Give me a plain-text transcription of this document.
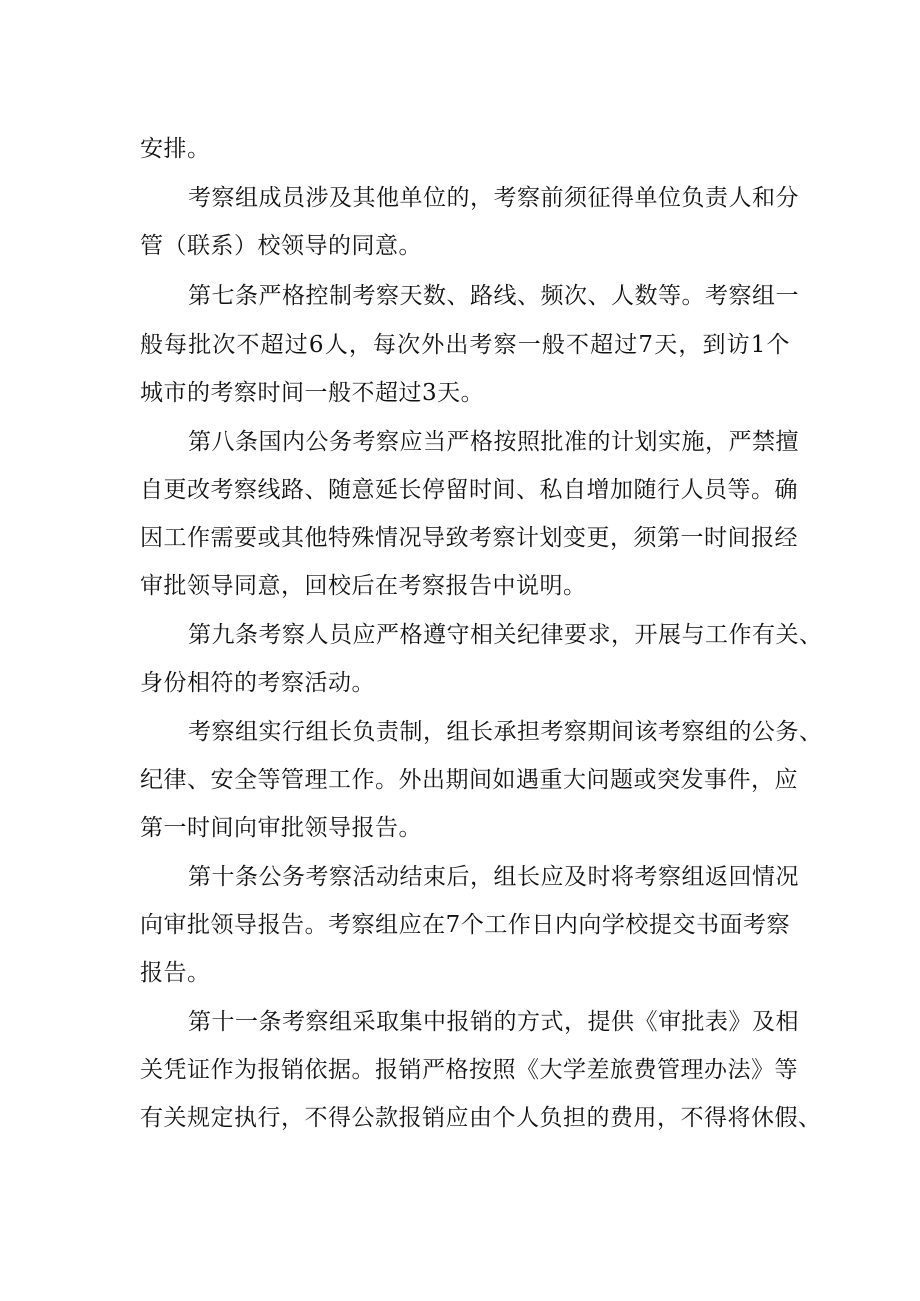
安排。
考察组成员涉及其他单位的，考察前须征得单位负责人和分
管（联系）校领导的同意。
第七条严格控制考察天数、路线、频次、人数等。考察组一
般每批次不超过6人，每次外出考察一般不超过7天，到访1个
城市的考察时间一般不超过3天。
第八条国内公务考察应当严格按照批准的计划实施，严禁擅
自更改考察线路、随意延长停留时间、私自增加随行人员等。确
因工作需要或其他特殊情况导致考察计划变更，须第一时间报经
审批领导同意，回校后在考察报告中说明。
第九条考察人员应严格遵守相关纪律要求，开展与工作有关、
身份相符的考察活动。
考察组实行组长负责制，组长承担考察期间该考察组的公务、
纪律、安全等管理工作。外出期间如遇重大问题或突发事件，应
第一时间向审批领导报告。
第十条公务考察活动结束后，组长应及时将考察组返回情况
向审批领导报告。考察组应在7个工作日内向学校提交书面考察
报告。
第十一条考察组采取集中报销的方式，提供《审批表》及相
关凭证作为报销依据。报销严格按照《大学差旅费管理办法》等
有关规定执行，不得公款报销应由个人负担的费用，不得将休假、
